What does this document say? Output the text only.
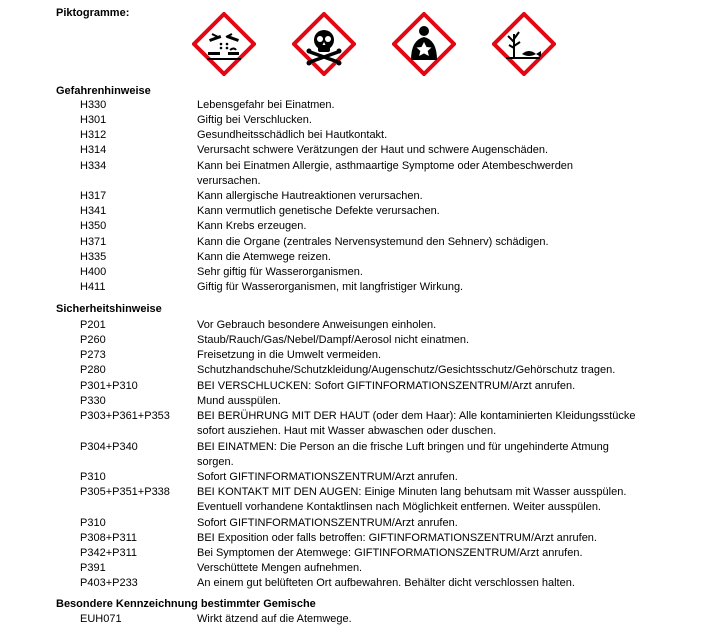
Piktogramme:
Gefahrenhinweise
H330	Lebensgefahr bei Einatmen.
H301	Giftig bei Verschlucken.
H312	Gesundheitsschädlich bei Hautkontakt.
H314	Verursacht schwere Verätzungen der Haut und schwere Augenschäden.
H334	Kann bei Einatmen Allergie, asthmaartige Symptome oder Atembeschwerden
verursachen.
H317	Kann allergische Hautreaktionen verursachen.
H341	Kann vermutlich genetische Defekte verursachen.
H350	Kann Krebs erzeugen.
H371	Kann die Organe (zentrales Nervensystemund den Sehnerv) schädigen.
H335	Kann die Atemwege reizen.
H400	Sehr giftig für Wasserorganismen.
H411	Giftig für Wasserorganismen, mit langfristiger Wirkung.
Sicherheitshinweise
P201	Vor Gebrauch besondere Anweisungen einholen.
P260	Staub/Rauch/Gas/Nebel/Dampf/Aerosol nicht einatmen.
P273	Freisetzung in die Umwelt vermeiden.
P280	Schutzhandschuhe/Schutzkleidung/Augenschutz/Gesichtsschutz/Gehörschutz tragen.
P301+P310	BEI VERSCHLUCKEN: Sofort GIFTINFORMATIONSZENTRUM/Arzt anrufen.
P330	Mund ausspülen.
P303+P361+P353 BEI BERÜHRUNG MIT DER HAUT (oder dem Haar): Alle kontaminierten Kleidungsstücke
sofort ausziehen. Haut mit Wasser abwaschen oder duschen.
P304+P340	BEI EINATMEN: Die Person an die frische Luft bringen und für ungehinderte Atmung
sorgen.
P310	Sofort GIFTINFORMATIONSZENTRUM/Arzt anrufen.
P305+P351+P338 BEI KONTAKT MIT DEN AUGEN: Einige Minuten lang behutsam mit Wasser ausspülen.
Eventuell vorhandene Kontaktlinsen nach Möglichkeit entfernen. Weiter ausspülen.
P310	Sofort GIFTINFORMATIONSZENTRUM/Arzt anrufen.
P308+P311	BEI Exposition oder falls betroffen: GIFTINFORMATIONSZENTRUM/Arzt anrufen.
P342+P311	Bei Symptomen der Atemwege: GIFTINFORMATIONSZENTRUM/Arzt anrufen.
P391	Verschüttete Mengen aufnehmen.
P403+P233	An einem gut belüfteten Ort aufbewahren. Behälter dicht verschlossen halten.
Besondere Kennzeichnung bestimmter Gemische
EUH071	Wirkt ätzend auf die Atemwege.
